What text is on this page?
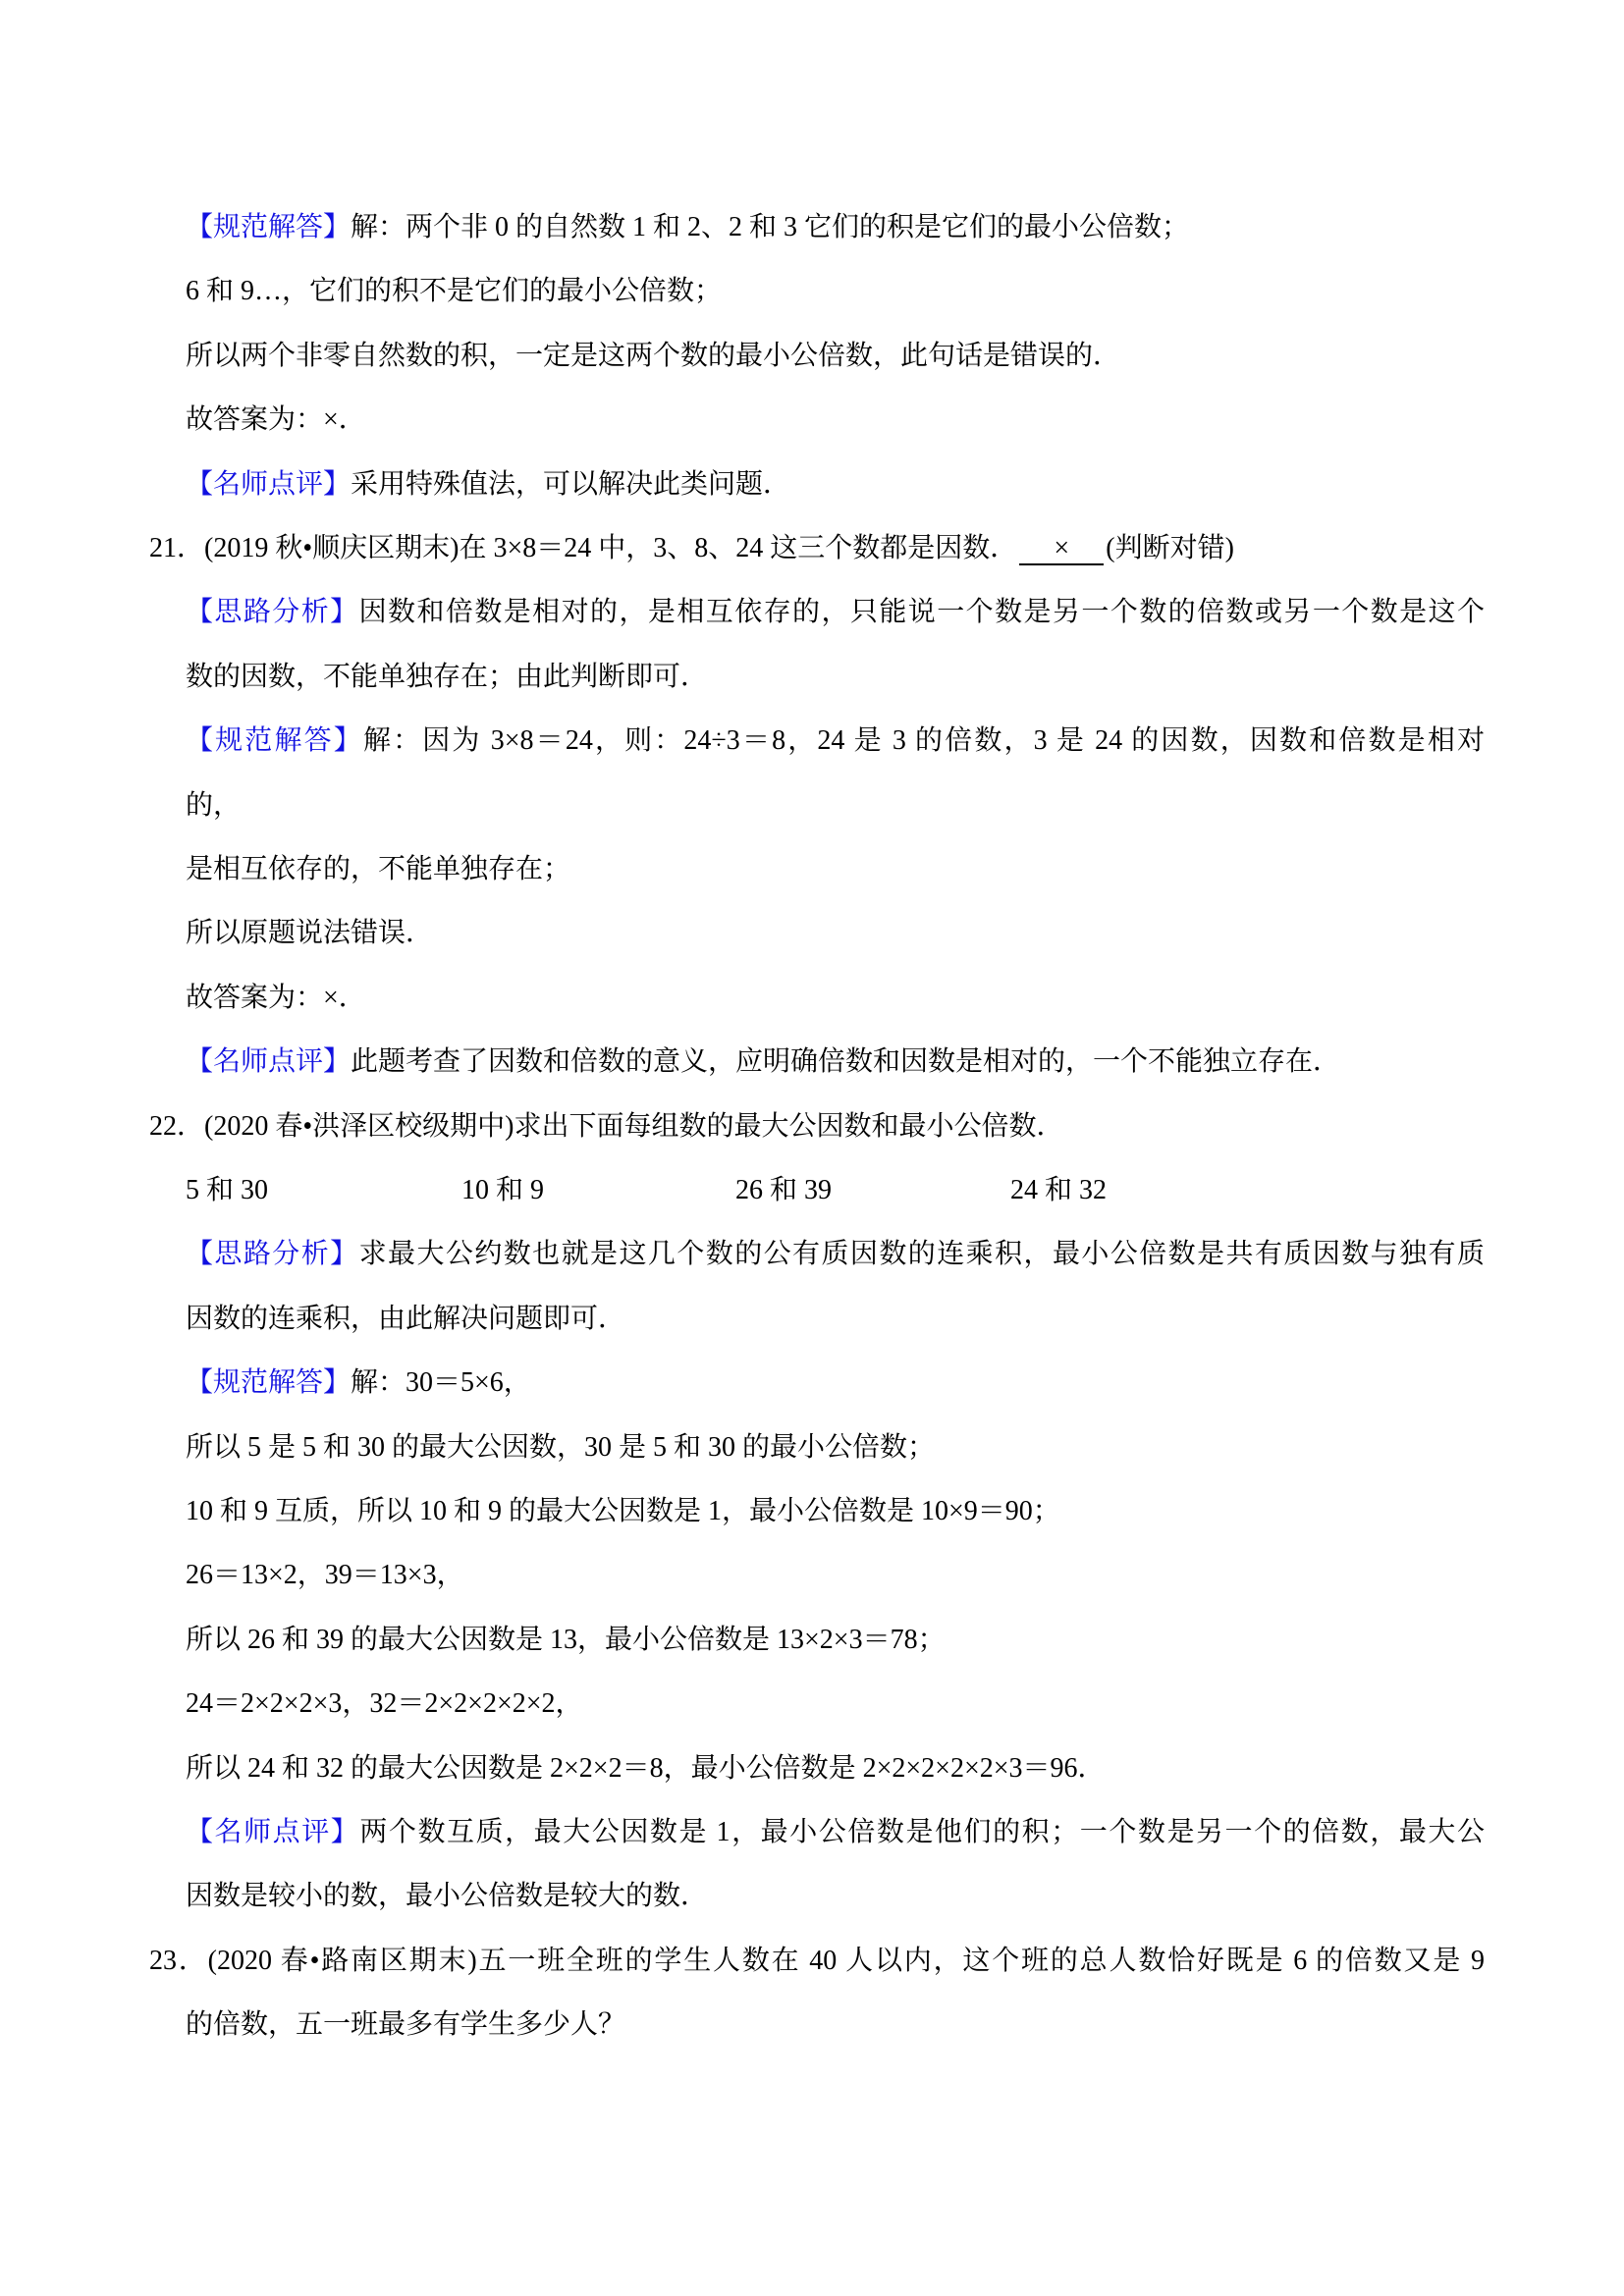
【规范解答】解：两个非 0 的自然数 1 和 2、2 和 3 它们的积是它们的最小公倍数；
6 和 9…，它们的积不是它们的最小公倍数；
所以两个非零自然数的积，一定是这两个数的最小公倍数，此句话是错误的．
故答案为：×．
【名师点评】采用特殊值法，可以解决此类问题．
21．(2019 秋•顺庆区期末)在 3×8＝24 中，3、8、24 这三个数都是因数． × (判断对错)
【思路分析】因数和倍数是相对的，是相互依存的，只能说一个数是另一个数的倍数或另一个数是这个
数的因数，不能单独存在；由此判断即可．
【规范解答】解：因为 3×8＝24，则：24÷3＝8，24 是 3 的倍数，3 是 24 的因数，因数和倍数是相对
的，
是相互依存的，不能单独存在；
所以原题说法错误．
故答案为：×．
【名师点评】此题考查了因数和倍数的意义，应明确倍数和因数是相对的，一个不能独立存在．
22．(2020 春•洪泽区校级期中)求出下面每组数的最大公因数和最小公倍数．
5 和 30	10 和 9	26 和 39	24 和 32
【思路分析】求最大公约数也就是这几个数的公有质因数的连乘积，最小公倍数是共有质因数与独有质
因数的连乘积，由此解决问题即可．
【规范解答】解：30＝5×6，
所以 5 是 5 和 30 的最大公因数，30 是 5 和 30 的最小公倍数；
10 和 9 互质，所以 10 和 9 的最大公因数是 1，最小公倍数是 10×9＝90；
26＝13×2，39＝13×3，
所以 26 和 39 的最大公因数是 13，最小公倍数是 13×2×3＝78；
24＝2×2×2×3，32＝2×2×2×2×2，
所以 24 和 32 的最大公因数是 2×2×2＝8，最小公倍数是 2×2×2×2×2×3＝96．
【名师点评】两个数互质，最大公因数是 1，最小公倍数是他们的积；一个数是另一个的倍数，最大公
因数是较小的数，最小公倍数是较大的数．
23．(2020 春•路南区期末)五一班全班的学生人数在 40 人以内，这个班的总人数恰好既是 6 的倍数又是 9
的倍数，五一班最多有学生多少人？
